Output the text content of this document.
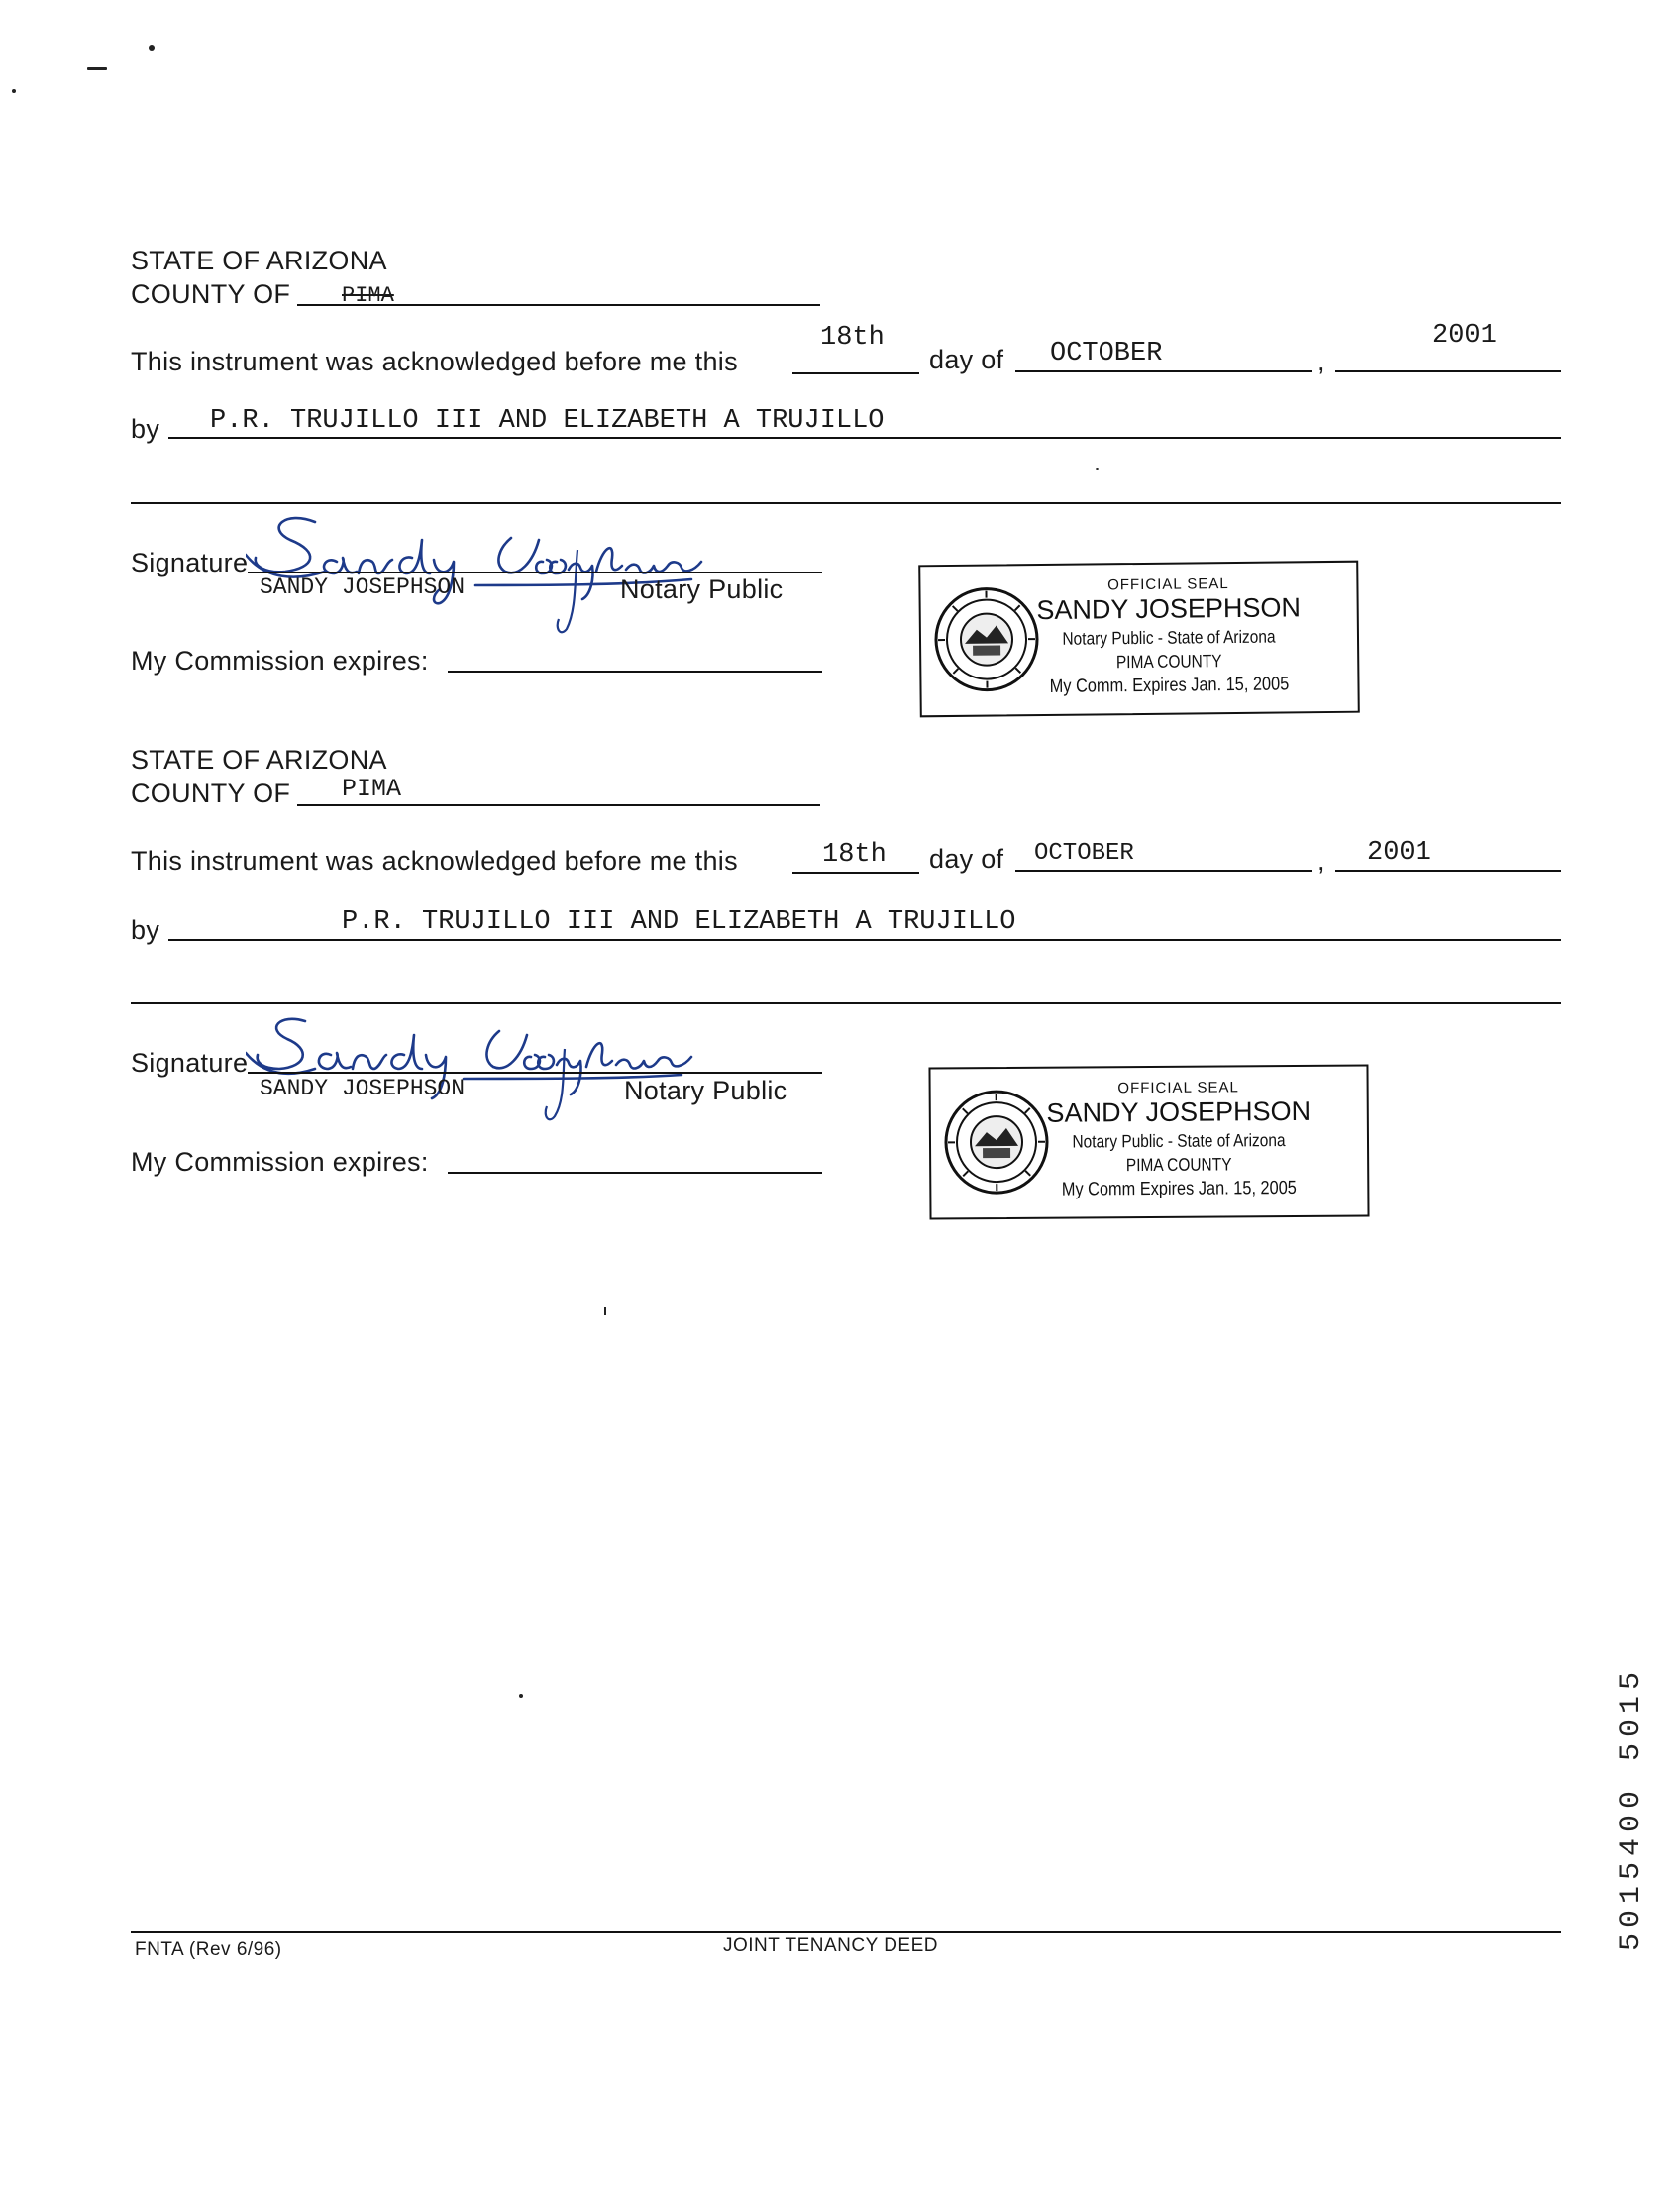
STATE OF ARIZONA
COUNTY OF PIMA
This instrument was acknowledged before me this
18th
day of OCTOBER	,
2001
by P.R. TRUJILLO III AND ELIZABETH A TRUJILLO
Signature
SANDY JOSEPHSON	Notary Public
My Commission expires:
OFFICIAL SEAL
SANDY JOSEPHSON
Notary Public - State of Arizona
PIMA COUNTY
My Comm. Expires Jan. 15, 2005
STATE OF ARIZONA
COUNTY OF PIMA
This instrument was acknowledged before me this	18th day of OCTOBER	, 2001
by	P.R. TRUJILLO III AND ELIZABETH A TRUJILLO
Signature
SANDY JOSEPHSON	Notary Public
My Commission expires:
OFFICIAL SEAL
SANDY JOSEPHSON
Notary Public - State of Arizona
PIMA COUNTY
My Comm Expires Jan. 15, 2005
5015400 5015
FNTA (Rev 6/96)	JOINT TENANCY DEED
